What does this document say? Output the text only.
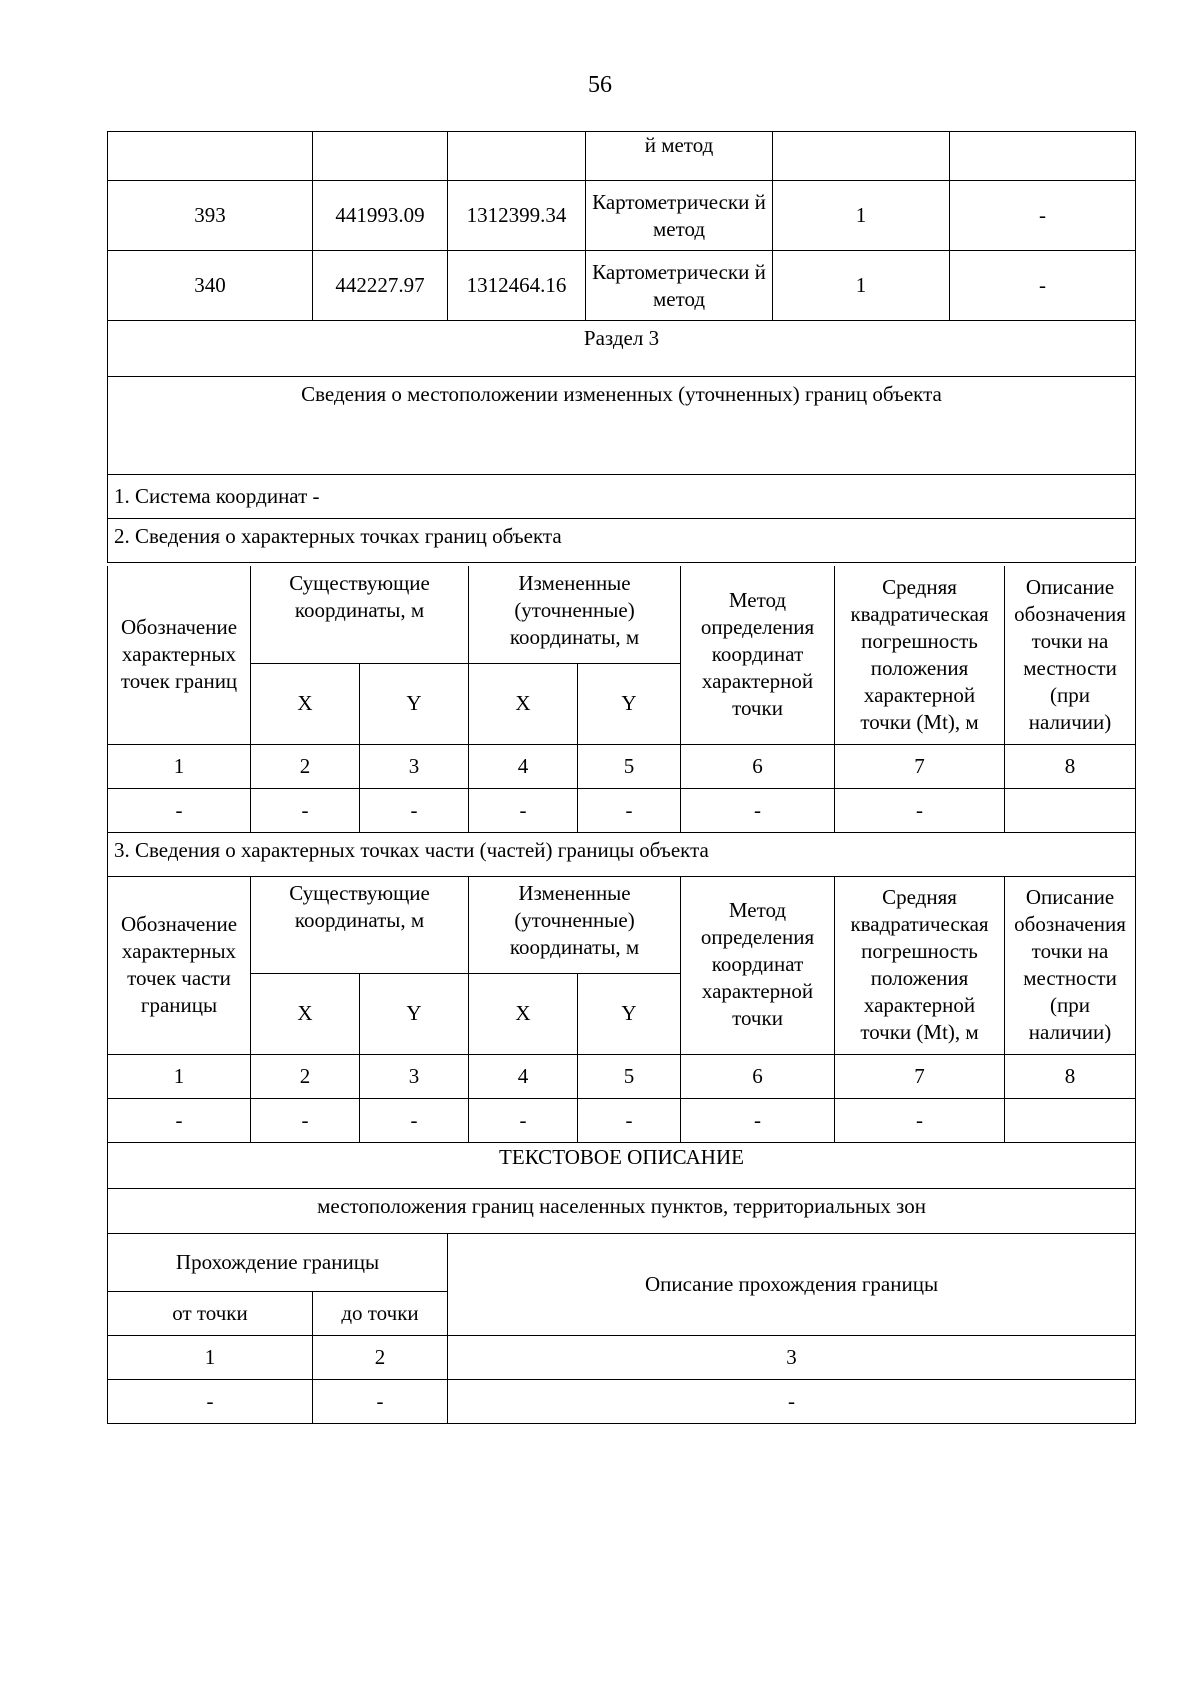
56
			й метод		
393	441993.09	1312399.34	Картометрически й метод	1	-
340	442227.97	1312464.16	Картометрически й метод	1	-
Раздел 3					
Сведения о местоположении измененных (уточненных) границ объекта					
1. Система координат -					
2. Сведения о характерных точках границ объекта					
Обозначение характерных точек границ	Существующие координаты, м		Измененные (уточненные) координаты, м		Метод определения координат характерной точки	Средняя квадратическая погрешность положения характерной точки (Mt), м	Описание обозначения точки на местности (при наличии)
	X	Y	X	Y			
1	2	3	4	5	6	7	8
-	-	-	-	-	-	-	
3. Сведения о характерных точках части (частей) границы объекта							
Обозначение характерных точек части границы	Существующие координаты, м		Измененные (уточненные) координаты, м		Метод определения координат характерной точки	Средняя квадратическая погрешность положения характерной точки (Mt), м	Описание обозначения точки на местности (при наличии)
	X	Y	X	Y			
1	2	3	4	5	6	7	8
-	-	-	-	-	-	-	
ТЕКСТОВОЕ ОПИСАНИЕ		
местоположения границ населенных пунктов, территориальных зон		
Прохождение границы		Описание прохождения границы
от точки	до точки	
1	2	3
-	-	-
